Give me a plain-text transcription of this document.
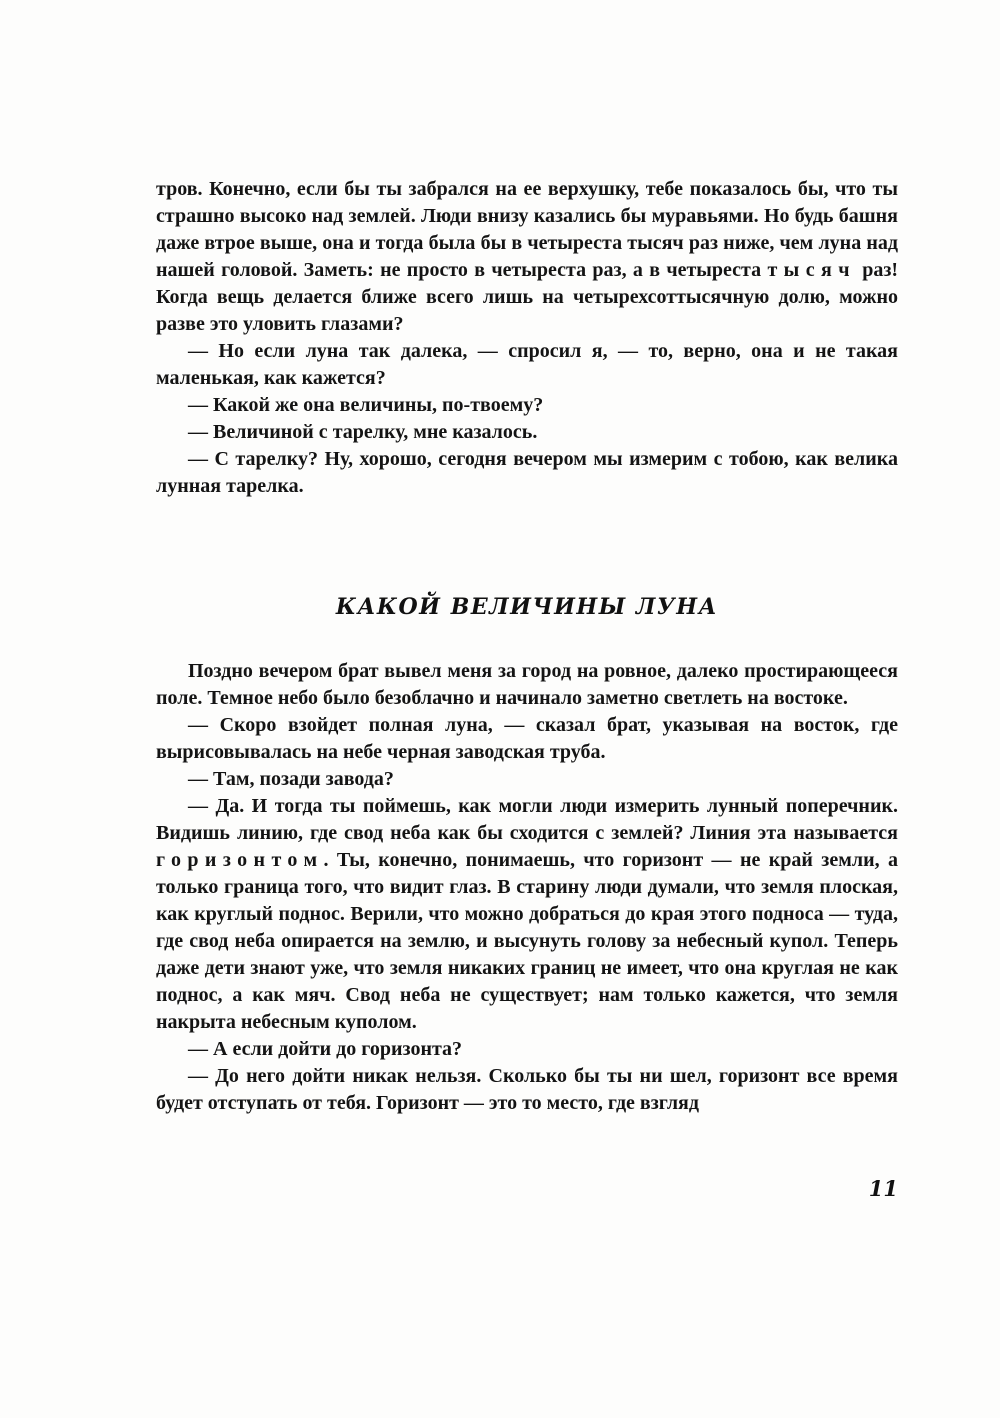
тров. Конечно, если бы ты забрался на ее верхушку, тебе показалось бы, что ты страшно высоко над землей. Люди внизу казались бы муравьями. Но будь башня даже втрое выше, она и тогда была бы в четыреста тысяч раз ниже, чем луна над нашей головой. Заметь: не просто в четыреста раз, а в четыреста тысяч раз! Когда вещь делается ближе всего лишь на четырехсоттысячную долю, можно разве это уловить глазами?

— Но если луна так далека, — спросил я, — то, верно, она и не такая маленькая, как кажется?

— Какой же она величины, по-твоему?

— Величиной с тарелку, мне казалось.

— С тарелку? Ну, хорошо, сегодня вечером мы измерим с тобою, как велика лунная тарелка.

КАКОЙ ВЕЛИЧИНЫ ЛУНА

Поздно вечером брат вывел меня за город на ровное, далеко простирающееся поле. Темное небо было безоблачно и начинало заметно светлеть на востоке.

— Скоро взойдет полная луна, — сказал брат, указывая на восток, где вырисовывалась на небе черная заводская труба.

— Там, позади завода?

— Да. И тогда ты поймешь, как могли люди измерить лунный поперечник. Видишь линию, где свод неба как бы сходится с землей? Линия эта называется горизонтом. Ты, конечно, понимаешь, что горизонт — не край земли, а только граница того, что видит глаз. В старину люди думали, что земля плоская, как круглый поднос. Верили, что можно добраться до края этого подноса — туда, где свод неба опирается на землю, и высунуть голову за небесный купол. Теперь даже дети знают уже, что земля никаких границ не имеет, что она круглая не как поднос, а как мяч. Свод неба не существует; нам только кажется, что земля накрыта небесным куполом.

— А если дойти до горизонта?

— До него дойти никак нельзя. Сколько бы ты ни шел, горизонт все время будет отступать от тебя. Горизонт — это то место, где взгляд

11
